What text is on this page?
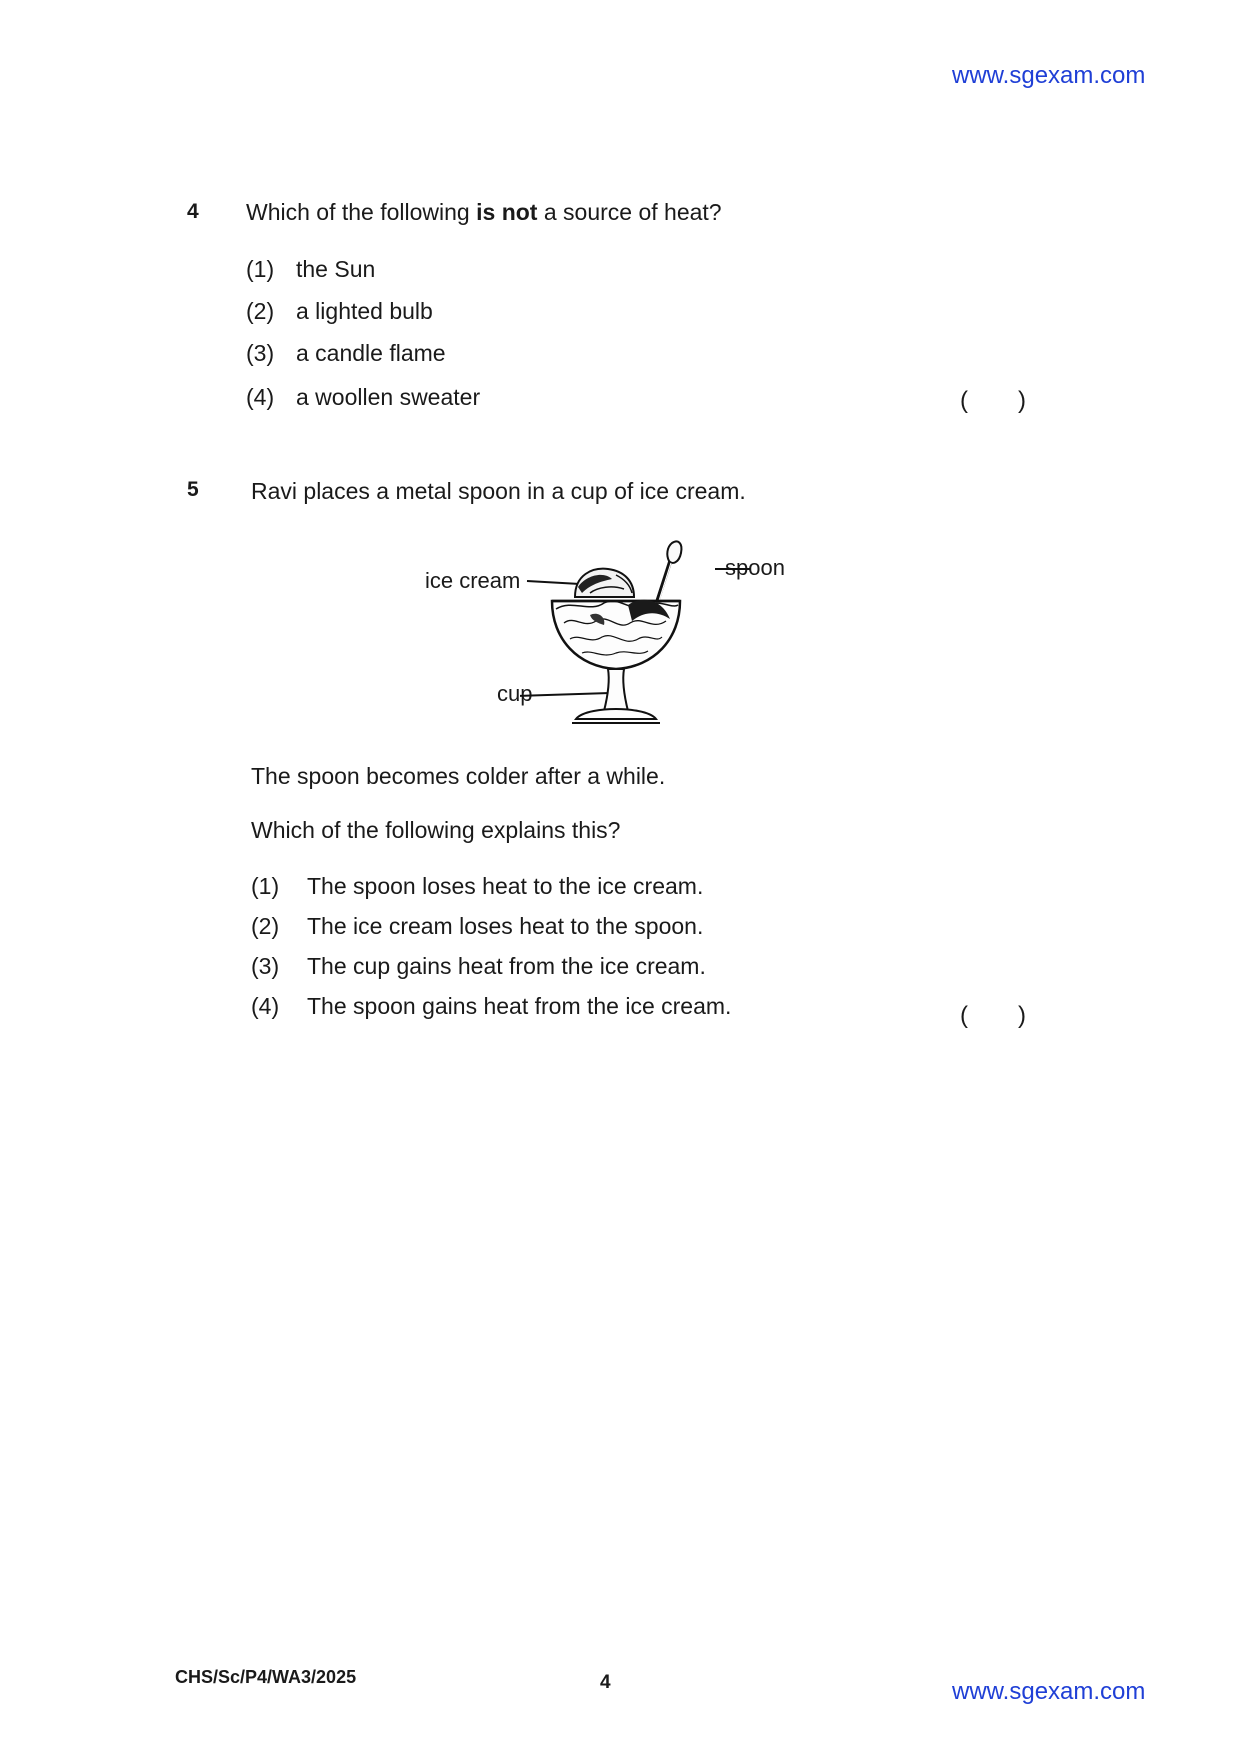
www.sgexam.com
4 Which of the following is not a source of heat?
(1) the Sun
(2) a lighted bulb
(3) a candle flame
(4) a woollen sweater	( )
5 Ravi places a metal spoon in a cup of ice cream.
ice cream
spoon
cup
The spoon becomes colder after a while.
Which of the following explains this?
(1) The spoon loses heat to the ice cream.
(2) The ice cream loses heat to the spoon.
(3) The cup gains heat from the ice cream.
(4) The spoon gains heat from the ice cream.	( )
CHS/Sc/P4/WA3/2025	4	www.sgexam.com
